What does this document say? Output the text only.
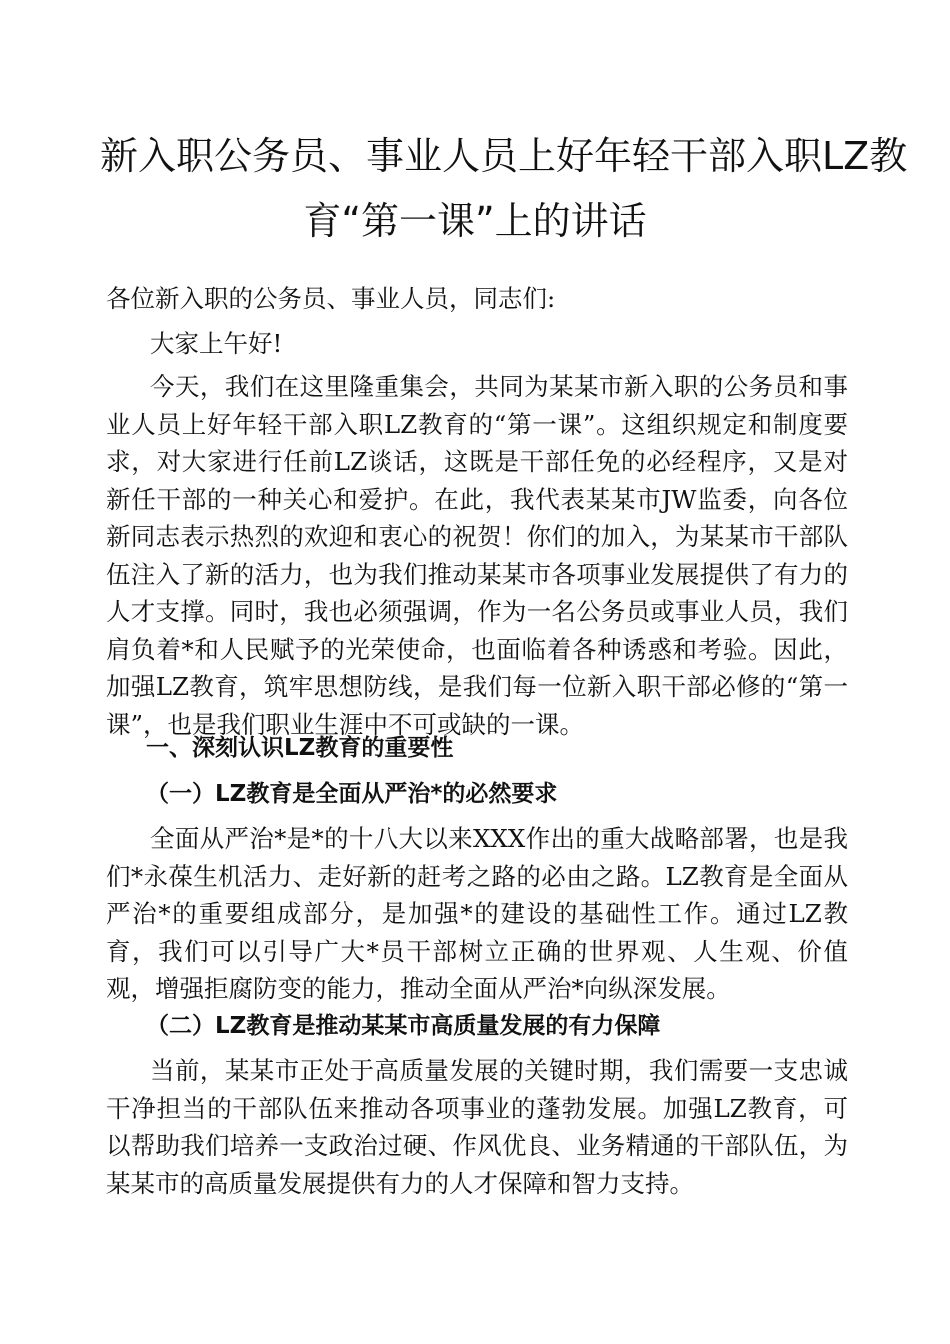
新入职公务员、事业人员上好年轻干部入职LZ教
育“第一课”上的讲话

各位新入职的公务员、事业人员，同志们:

大家上午好!

今天，我们在这里隆重集会，共同为某某市新入职的公务员和事业人员上好年轻干部入职LZ教育的“第一课”。这组织规定和制度要求，对大家进行任前LZ谈话，这既是干部任免的必经程序，又是对新任干部的一种关心和爱护。在此，我代表某某市JW监委，向各位新同志表示热烈的欢迎和衷心的祝贺！你们的加入，为某某市干部队伍注入了新的活力，也为我们推动某某市各项事业发展提供了有力的人才支撑。同时，我也必须强调，作为一名公务员或事业人员，我们肩负着*和人民赋予的光荣使命，也面临着各种诱惑和考验。因此，加强LZ教育，筑牢思想防线，是我们每一位新入职干部必修的“第一课”，也是我们职业生涯中不可或缺的一课。

一、深刻认识LZ教育的重要性
（一）LZ教育是全面从严治*的必然要求

全面从严治*是*的十八大以来XXX作出的重大战略部署，也是我们*永葆生机活力、走好新的赶考之路的必由之路。LZ教育是全面从严治*的重要组成部分，是加强*的建设的基础性工作。通过LZ教育，我们可以引导广大*员干部树立正确的世界观、人生观、价值观，增强拒腐防变的能力，推动全面从严治*向纵深发展。

（二）LZ教育是推动某某市高质量发展的有力保障

当前，某某市正处于高质量发展的关键时期，我们需要一支忠诚干净担当的干部队伍来推动各项事业的蓬勃发展。加强LZ教育，可以帮助我们培养一支政治过硬、作风优良、业务精通的干部队伍，为某某市的高质量发展提供有力的人才保障和智力支持。
